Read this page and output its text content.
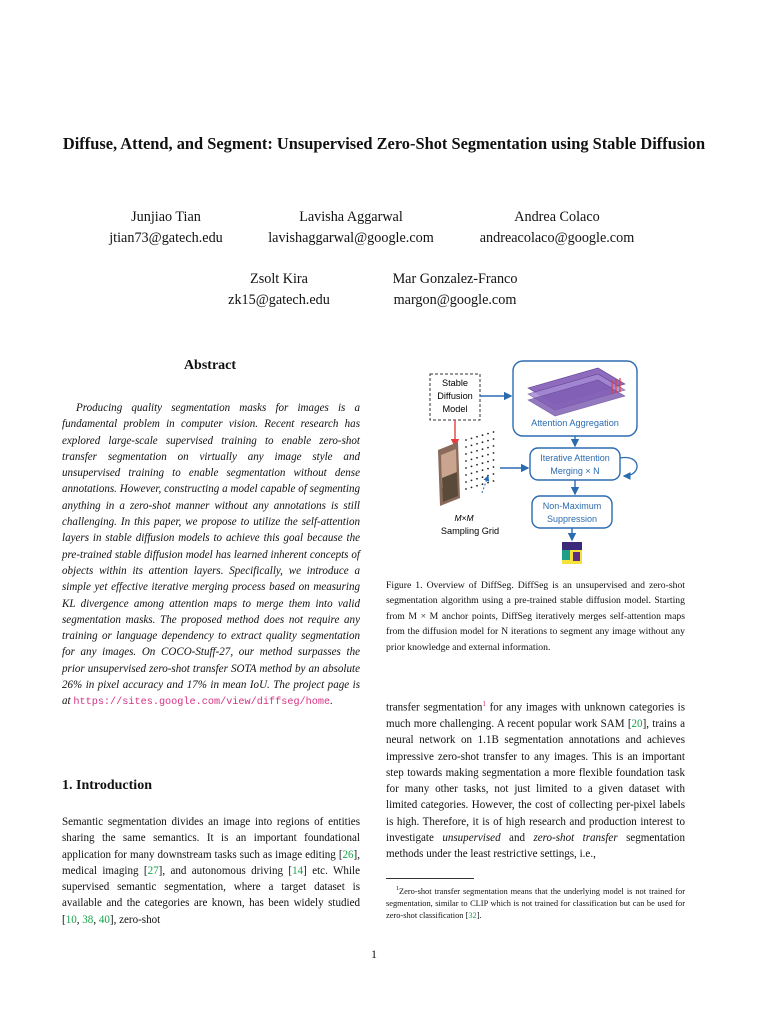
Diffuse, Attend, and Segment: Unsupervised Zero-Shot Segmentation using Stable Diffusion
Junjiao Tian
jtian73@gatech.edu
Lavisha Aggarwal
lavishaggarwal@google.com
Andrea Colaco
andreacolaco@google.com
Zsolt Kira
zk15@gatech.edu
Mar Gonzalez-Franco
margon@google.com
Abstract

Producing quality segmentation masks for images is a fundamental problem in computer vision. Recent research has explored large-scale supervised training to enable zero-shot transfer segmentation on virtually any image style and unsupervised training to enable segmentation without dense annotations. However, constructing a model capable of segmenting anything in a zero-shot manner without any annotations is still challenging. In this paper, we propose to utilize the self-attention layers in stable diffusion models to achieve this goal because the pre-trained stable diffusion model has learned inherent concepts of objects within its attention layers. Specifically, we introduce a simple yet effective iterative merging process based on measuring KL divergence among attention maps to merge them into valid segmentation masks. The proposed method does not require any training or language dependency to extract quality segmentation for any images. On COCO-Stuff-27, our method surpasses the prior unsupervised zero-shot transfer SOTA method by an absolute 26% in pixel accuracy and 17% in mean IoU. The project page is at https://sites.google.com/view/diffseg/home.

1. Introduction

Semantic segmentation divides an image into regions of entities sharing the same semantics. It is an important foundational application for many downstream tasks such as image editing [26], medical imaging [27], and autonomous driving [14] etc. While supervised semantic segmentation, where a target dataset is available and the categories are known, has been widely studied [10, 38, 40], zero-shot

Stable
Diffusion
Model
Attention Aggregation
M×M
Sampling Grid
Iterative Attention
Merging × N
Non-Maximum
Suppression

Figure 1. Overview of DiffSeg. DiffSeg is an unsupervised and zero-shot segmentation algorithm using a pre-trained stable diffusion model. Starting from M × M anchor points, DiffSeg iteratively merges self-attention maps from the diffusion model for N iterations to segment any image without any prior knowledge and external information.

transfer segmentation$^1$ for any images with unknown categories is much more challenging. A recent popular work SAM [20], trains a neural network on 1.1B segmentation annotations and achieves impressive zero-shot transfer to any images. This is an important step towards making segmentation a more flexible foundation task for many other tasks, not just limited to a given dataset with limited categories. However, the cost of collecting per-pixel labels is high. Therefore, it is of high research and production interest to investigate unsupervised and zero-shot transfer segmentation methods under the least restrictive settings, i.e.,

$^1$Zero-shot transfer segmentation means that the underlying model is not trained for segmentation, similar to CLIP which is not trained for classification but can be used for zero-shot classification [32].

1
